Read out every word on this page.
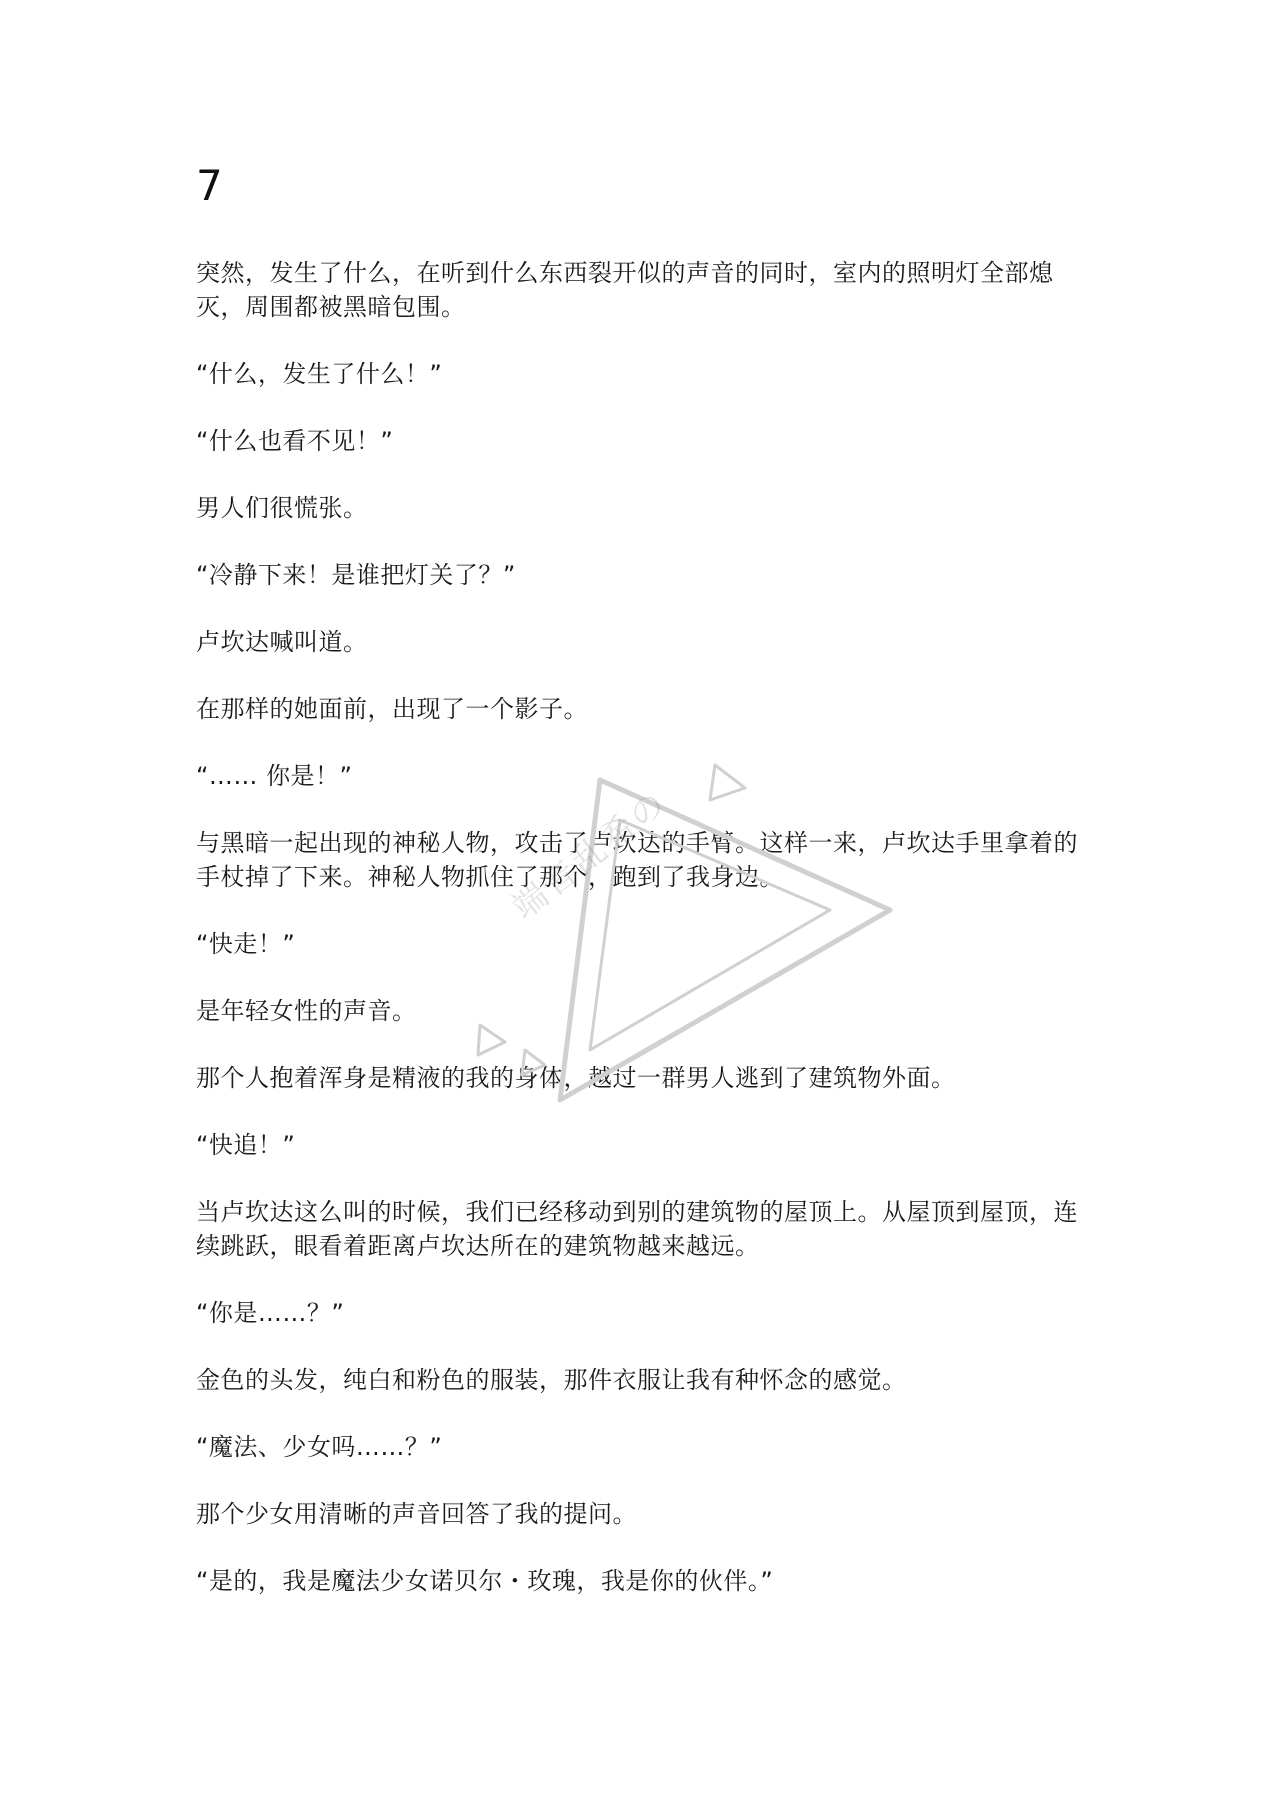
7

突然，发生了什么，在听到什么东西裂开似的声音的同时，室内的照明灯全部熄灭，周围都被黑暗包围。

“什么，发生了什么！”

“什么也看不见！”

男人们很慌张。

“冷静下来！是谁把灯关了？”

卢坎达喊叫道。

在那样的她面前，出现了一个影子。

“…… 你是！”

与黑暗一起出现的神秘人物，攻击了卢坎达的手臂。这样一来，卢坎达手里拿着的手杖掉了下来。神秘人物抓住了那个，跑到了我身边。

“快走！”

是年轻女性的声音。

那个人抱着浑身是精液的我的身体，越过一群男人逃到了建筑物外面。

“快追！”

当卢坎达这么叫的时候，我们已经移动到别的建筑物的屋顶上。从屋顶到屋顶，连续跳跃，眼看着距离卢坎达所在的建筑物越来越远。

“你是……？”

金色的头发，纯白和粉色的服装，那件衣服让我有种怀念的感觉。

“魔法、少女吗……？”

那个少女用清晰的声音回答了我的提问。

“是的，我是魔法少女诺贝尔・玫瑰，我是你的伙伴。”

端音乱希の
